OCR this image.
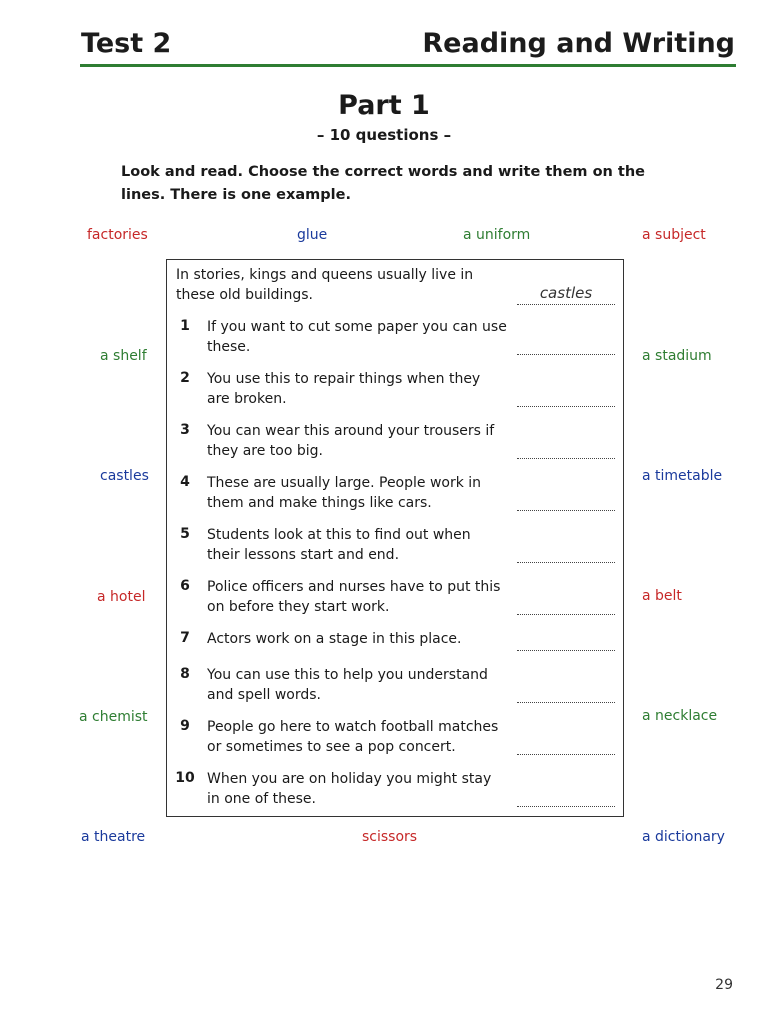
Test 2	Reading and Writing
Part 1
– 10 questions –
Look and read. Choose the correct words and write them on the lines. There is one example.
factories	glue	a uniform	a subject
a shelf	a stadium
castles	a timetable
a hotel	a belt
a chemist	a necklace
a theatre	scissors	a dictionary
In stories, kings and queens usually live in these old buildings.	castles
1	If you want to cut some paper you can use these.
2	You use this to repair things when they are broken.
3	You can wear this around your trousers if they are too big.
4	These are usually large. People work in them and make things like cars.
5	Students look at this to find out when their lessons start and end.
6	Police officers and nurses have to put this on before they start work.
7	Actors work on a stage in this place.
8	You can use this to help you understand and spell words.
9	People go here to watch football matches or sometimes to see a pop concert.
10 When you are on holiday you might stay in one of these.
29
